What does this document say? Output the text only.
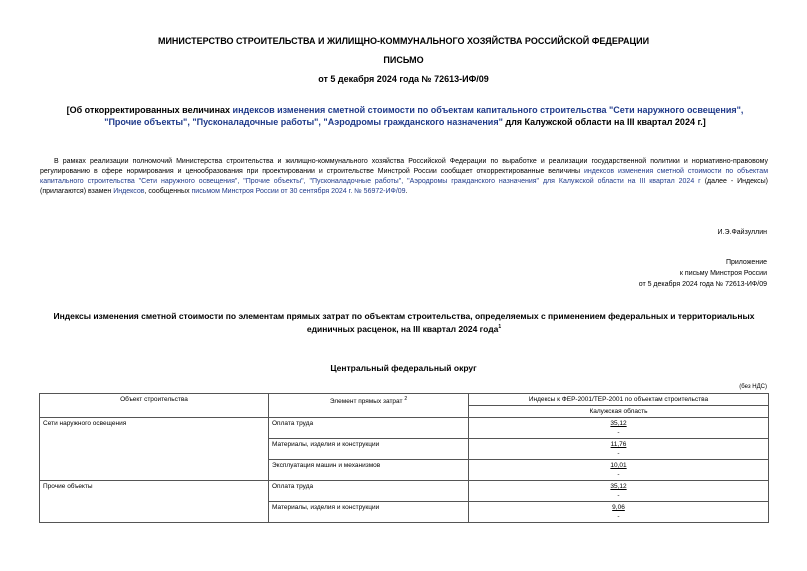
МИНИСТЕРСТВО СТРОИТЕЛЬСТВА И ЖИЛИЩНО-КОММУНАЛЬНОГО ХОЗЯЙСТВА РОССИЙСКОЙ ФЕДЕРАЦИИ
ПИСЬМО
от 5 декабря 2024 года № 72613-ИФ/09
[Об откорректированных величинах индексов изменения сметной стоимости по объектам капитального строительства "Сети наружного освещения", "Прочие объекты", "Пусконаладочные работы", "Аэродромы гражданского назначения" для Калужской области на III квартал 2024 г.]
В рамках реализации полномочий Министерства строительства и жилищно-коммунального хозяйства Российской Федерации по выработке и реализации государственной политики и нормативно-правовому регулированию в сфере нормирования и ценообразования при проектировании и строительстве Минстрой России сообщает откорректированные величины индексов изменения сметной стоимости по объектам капитального строительства "Сети наружного освещения", "Прочие объекты", "Пусконаладочные работы", "Аэродромы гражданского назначения" для Калужской области на III квартал 2024 г (далее - Индексы) (прилагаются) взамен Индексов, сообщенных письмом Минстроя России от 30 сентября 2024 г. № 56972-ИФ/09.
И.Э.Файзуллин
Приложение
к письму Минстроя России
от 5 декабря 2024 года № 72613-ИФ/09
Индексы изменения сметной стоимости по элементам прямых затрат по объектам строительства, определяемых с применением федеральных и территориальных единичных расценок, на III квартал 2024 года$^1$
Центральный федеральный округ
(без НДС)
Объект строительства	Элемент прямых затрат $^2$	Индексы к ФЕР-2001/ТЕР-2001 по объектам строительства
		Калужская область
Сети наружного освещения	Оплата труда	35,12
-

	Материалы, изделия и конструкции	11,76
-

	Эксплуатация машин и механизмов	10,01
-

Прочие объекты	Оплата труда	35,12
-

	Материалы, изделия и конструкции	9,06
-
